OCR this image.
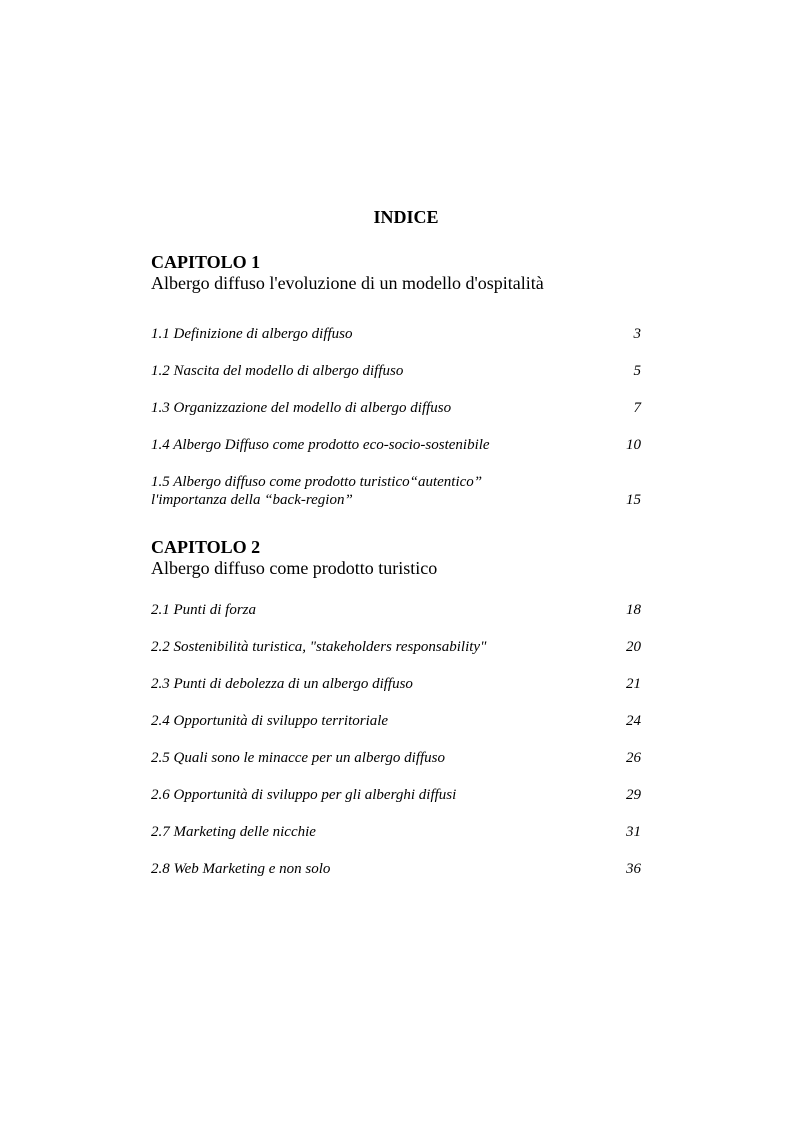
INDICE
CAPITOLO 1
Albergo diffuso l'evoluzione di un modello d'ospitalità
1.1 Definizione di albergo diffuso	3
1.2 Nascita del modello di albergo diffuso	5
1.3 Organizzazione del modello di albergo diffuso	7
1.4 Albergo Diffuso come prodotto eco-socio-sostenibile	10
1.5 Albergo diffuso come prodotto turistico“autentico”
l'importanza della “back-region”	15
CAPITOLO 2
Albergo diffuso come prodotto turistico
2.1 Punti di forza	18
2.2 Sostenibilità turistica, "stakeholders responsability"	20
2.3 Punti di debolezza di un albergo diffuso	21
2.4 Opportunità di sviluppo territoriale	24
2.5 Quali sono le minacce per un albergo diffuso	26
2.6 Opportunità di sviluppo per gli alberghi diffusi	29
2.7 Marketing delle nicchie	31
2.8 Web Marketing e non solo	36
